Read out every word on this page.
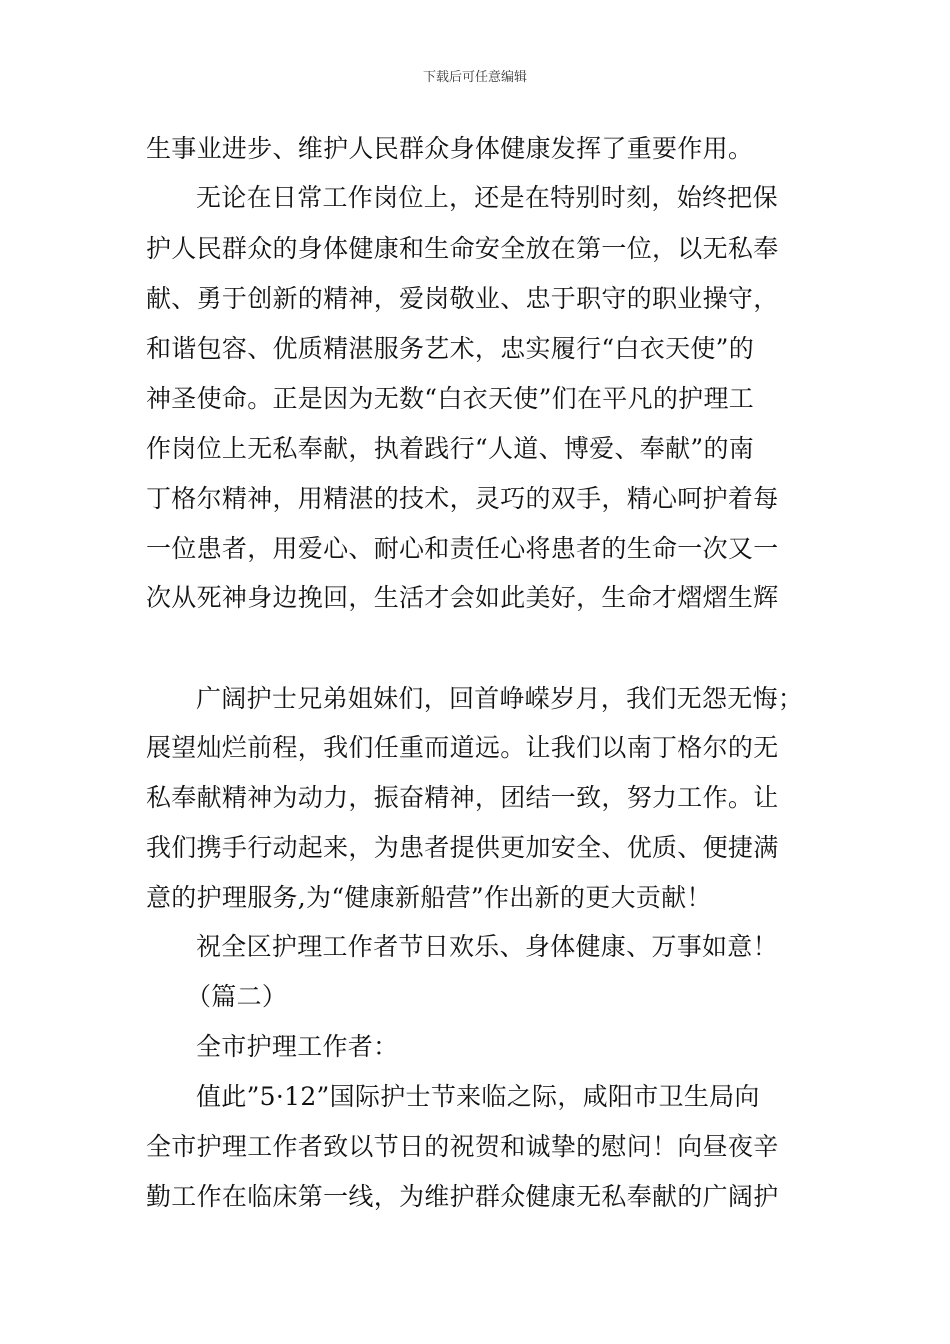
下载后可任意编辑
生事业进步、维护人民群众身体健康发挥了重要作用。
无论在日常工作岗位上，还是在特别时刻，始终把保
护人民群众的身体健康和生命安全放在第一位，以无私奉
献、勇于创新的精神，爱岗敬业、忠于职守的职业操守，
和谐包容、优质精湛服务艺术，忠实履行“白衣天使”的
神圣使命。正是因为无数“白衣天使”们在平凡的护理工
作岗位上无私奉献，执着践行“人道、博爱、奉献”的南
丁格尔精神，用精湛的技术，灵巧的双手，精心呵护着每
一位患者，用爱心、耐心和责任心将患者的生命一次又一
次从死神身边挽回，生活才会如此美好，生命才熠熠生辉
广阔护士兄弟姐妹们，回首峥嵘岁月，我们无怨无悔；
展望灿烂前程，我们任重而道远。让我们以南丁格尔的无
私奉献精神为动力，振奋精神，团结一致，努力工作。让
我们携手行动起来，为患者提供更加安全、优质、便捷满
意的护理服务,为“健康新船营”作出新的更大贡献！
祝全区护理工作者节日欢乐、身体健康、万事如意！
（篇二）
全市护理工作者：
值此”5·12”国际护士节来临之际，咸阳市卫生局向
全市护理工作者致以节日的祝贺和诚挚的慰问！向昼夜辛
勤工作在临床第一线，为维护群众健康无私奉献的广阔护
